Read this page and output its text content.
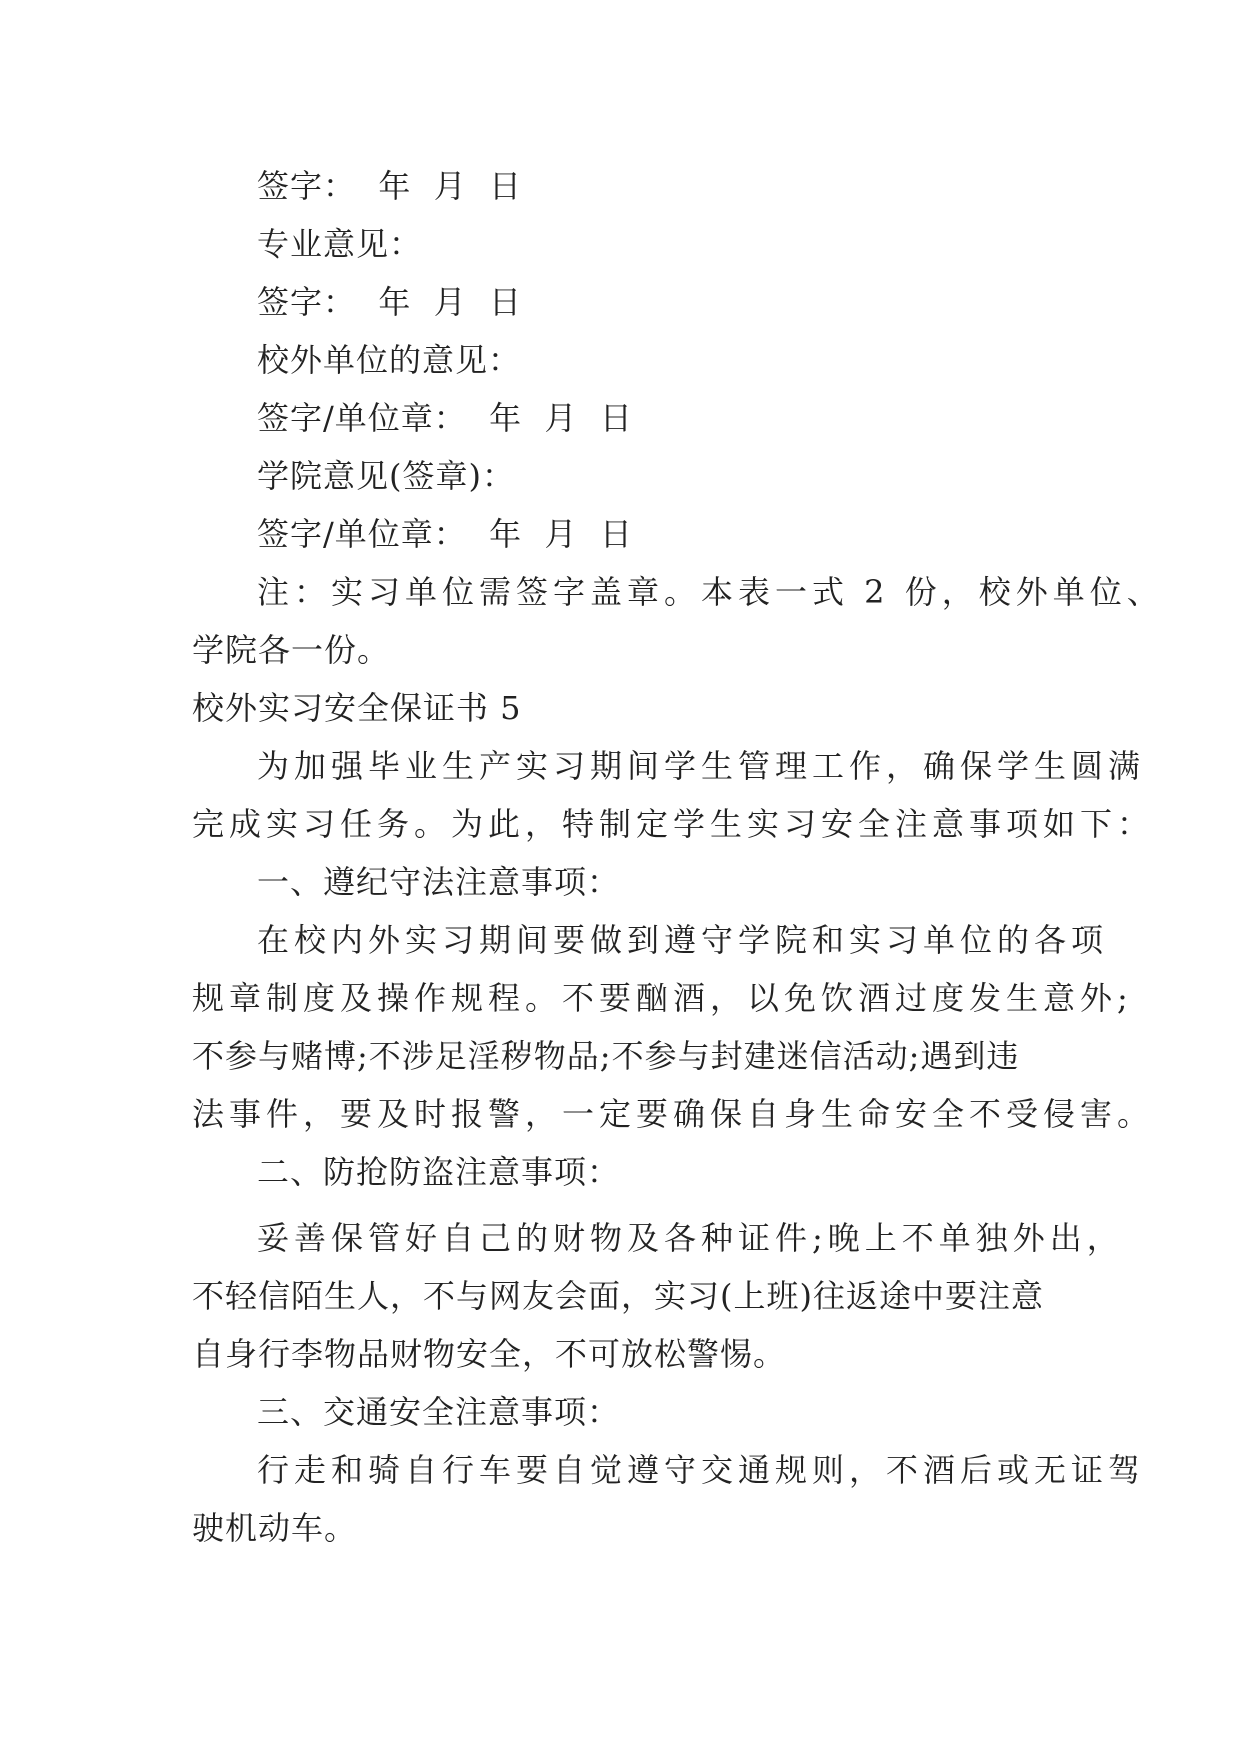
签字：  年  月  日
专业意见：
签字：  年  月  日
校外单位的意见：
签字/单位章：  年  月  日
学院意见(签章)：
签字/单位章：  年  月  日
注：实习单位需签字盖章。本表一式 2 份，校外单位、
学院各一份。
校外实习安全保证书 5
为加强毕业生产实习期间学生管理工作，确保学生圆满
完成实习任务。为此，特制定学生实习安全注意事项如下：
一、遵纪守法注意事项：
在校内外实习期间要做到遵守学院和实习单位的各项
规章制度及操作规程。不要酗酒，以免饮酒过度发生意外;
不参与赌博;不涉足淫秽物品;不参与封建迷信活动;遇到违
法事件，要及时报警，一定要确保自身生命安全不受侵害。
二、防抢防盗注意事项：
妥善保管好自己的财物及各种证件;晚上不单独外出，
不轻信陌生人，不与网友会面，实习(上班)往返途中要注意
自身行李物品财物安全，不可放松警惕。
三、交通安全注意事项：
行走和骑自行车要自觉遵守交通规则，不酒后或无证驾
驶机动车。
